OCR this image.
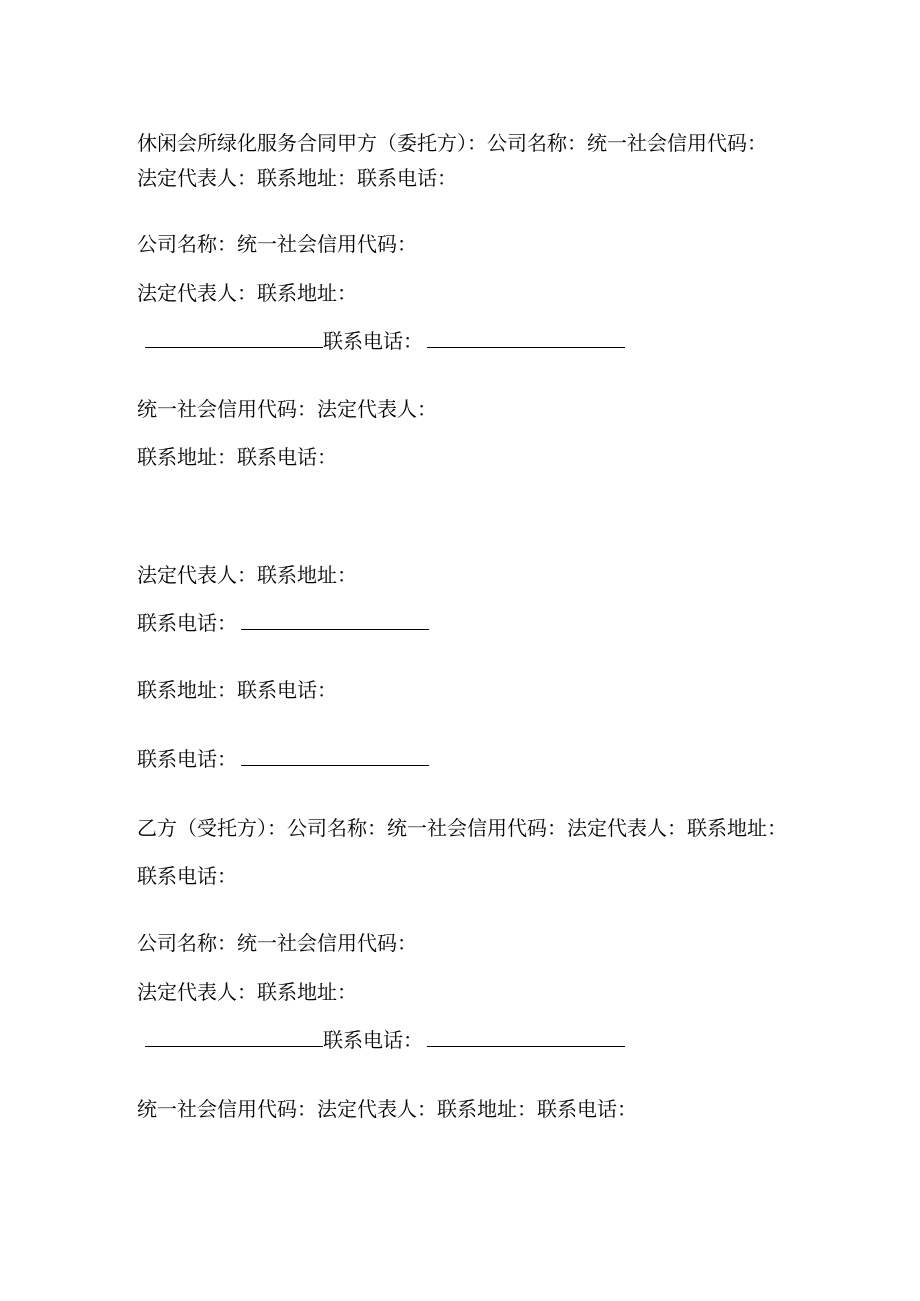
休闲会所绿化服务合同甲方（委托方）：公司名称：统一社会信用代码：
法定代表人：联系地址：联系电话：
公司名称：统一社会信用代码：
法定代表人：联系地址：
联系电话：
统一社会信用代码：法定代表人：
联系地址：联系电话：
法定代表人：联系地址：
联系电话：
联系地址：联系电话：
联系电话：
乙方（受托方）：公司名称：统一社会信用代码：法定代表人：联系地址：
联系电话：
公司名称：统一社会信用代码：
法定代表人：联系地址：
联系电话：
统一社会信用代码：法定代表人：联系地址：联系电话：
